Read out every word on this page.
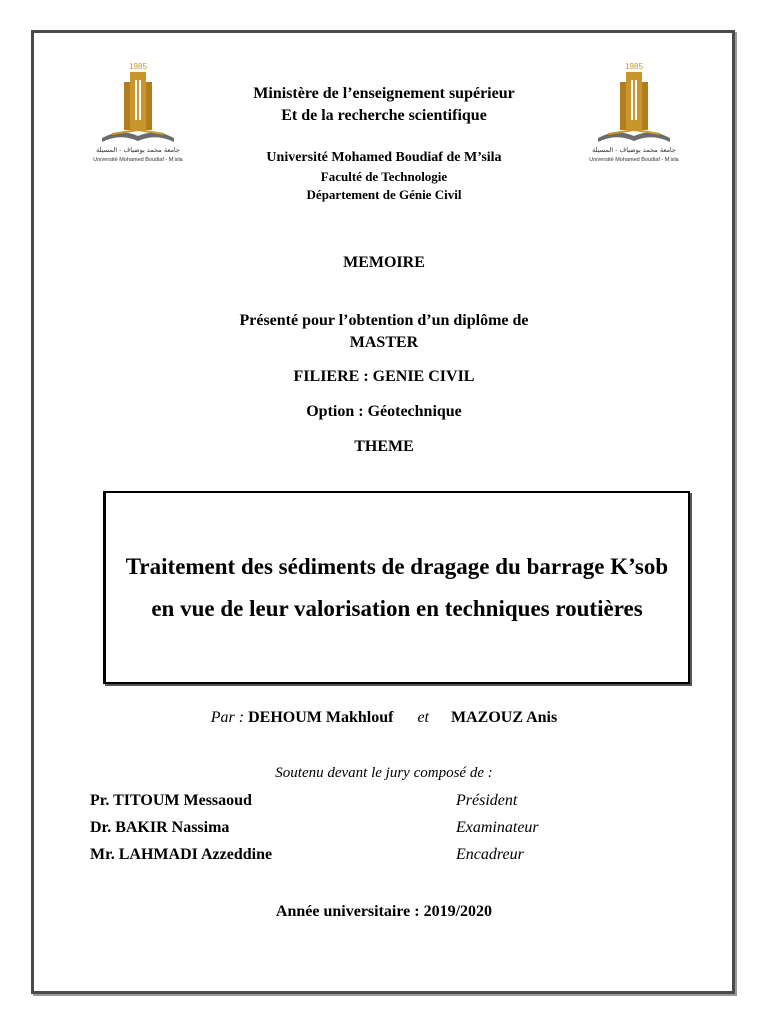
1985
جامعة محمد بوضياف - المسيلة
Université Mohamed Boudiaf - M’sila
1985
جامعة محمد بوضياف - المسيلة
Université Mohamed Boudiaf - M’sila
Ministère de l’enseignement supérieur
Et de la recherche scientifique
Université Mohamed Boudiaf de M’sila
Faculté de Technologie
Département de Génie Civil
MEMOIRE
Présenté pour l’obtention d’un diplôme de
MASTER
FILIERE : GENIE CIVIL
Option : Géotechnique
THEME

Traitement des sédiments de dragage du barrage K’sob en vue de leur valorisation en techniques routières

Par : DEHOUM Makhlouf et MAZOUZ Anis
Soutenu devant le jury composé de :
Pr. TITOUM Messaoud	Président
Dr. BAKIR Nassima	Examinateur
Mr. LAHMADI Azzeddine	Encadreur
Année universitaire : 2019/2020
